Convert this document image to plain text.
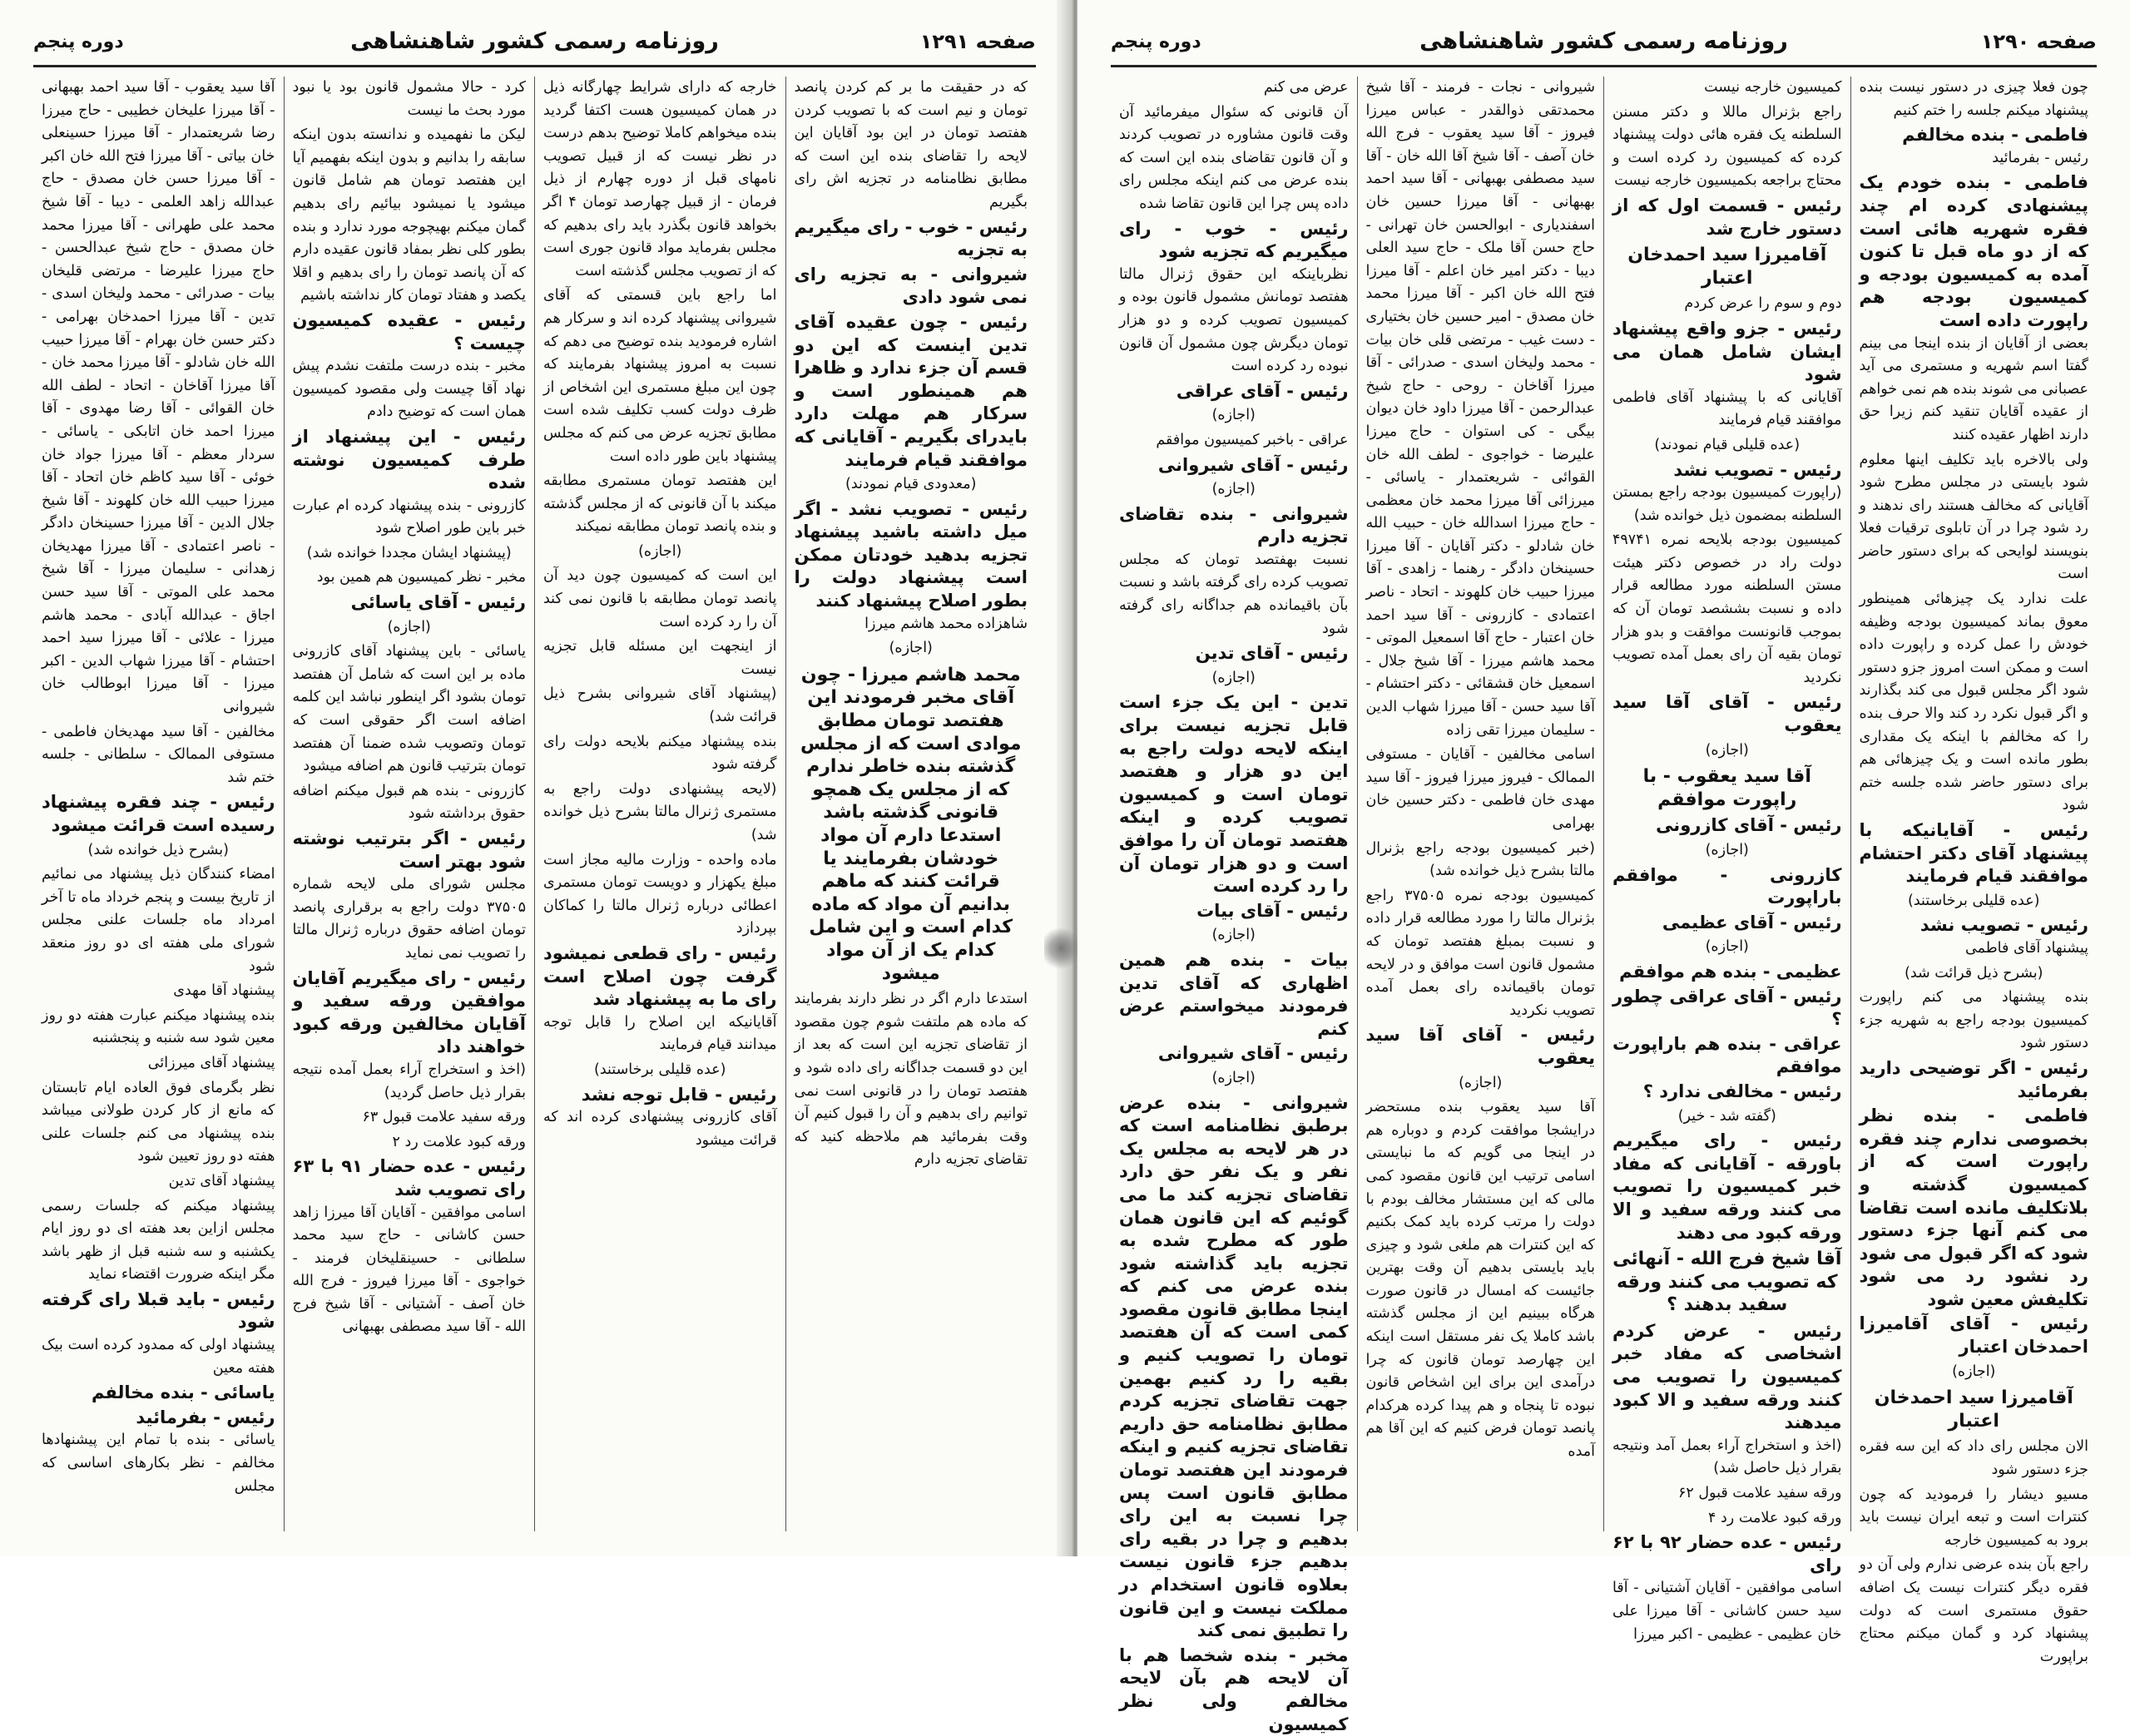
صفحه ۱۲۹۱
روزنامه رسمی کشور شاهنشاهی
دوره پنجم

که در حقیقت ما بر کم کردن پانصد تومان و نیم است که با تصویب کردن هفتصد تومان در این بود آقایان این لایحه را تقاضای بنده این است که مطابق نظامنامه در تجزیه اش رای بگیریم

رئیس - خوب - رای میگیریم به تجزیه
شیروانی - به تجزیه رای نمی شود دادی
رئیس - چون عقیده آقای تدین اینست که این دو قسم آن جزء ندارد و ظاهرا هم همینطور است و سرکار هم مهلت دارد بایدرای بگیریم - آقایانی که موافقند قیام فرمایند
(معدودی قیام نمودند)
رئیس - تصویب نشد - اگر میل داشته باشید پیشنهاد تجزیه بدهید خودتان ممکن است پیشنهاد دولت را بطور اصلاح پیشنهاد کنند

شاهزاده محمد هاشم میرزا

(اجازه)
محمد هاشم میرزا - چون آقای مخبر فرمودند این هفتصد تومان مطابق موادی است که از مجلس گذشته بنده خاطر ندارم که از مجلس یک همچو قانونی گذشته باشد استدعا دارم آن مواد خودشان بفرمایند یا قرائت کنند که ماهم بدانیم آن مواد که ماده کدام است و این شامل کدام یک از آن مواد میشود

استدعا دارم اگر در نظر دارند بفرمایند که ماده هم ملتفت شوم چون مقصود از تقاضای تجزیه این است که بعد از این دو قسمت جداگانه رای داده شود و هفتصد تومان را در قانونی است نمی توانیم رای بدهیم و آن را قبول کنیم آن وقت بفرمائید هم ملاحظه کنید که تقاضای تجزیه دارم

خارجه که دارای شرایط چهارگانه ذیل در همان کمیسیون هست اکتفا گردید بنده میخواهم کاملا توضیح بدهم درست در نظر نیست که از قبیل تصویب نامهای قبل از دوره چهارم از ذیل فرمان - از قبیل چهارصد تومان ۴ اگر بخواهد قانون بگذرد باید رای بدهیم که مجلس بفرماید مواد قانون جوری است که از تصویب مجلس گذشته است

اما راجع باین قسمتی که آقای شیروانی پیشنهاد کرده اند و سرکار هم اشاره فرمودید بنده توضیح می دهم که نسبت به امروز پیشنهاد بفرمایند که چون این مبلغ مستمری این اشخاص از ظرف دولت کسب تکلیف شده است مطابق تجزیه عرض می کنم که مجلس پیشنهاد باین طور داده است

این هفتصد تومان مستمری مطابقه میکند با آن قانونی که از مجلس گذشته و بنده پانصد تومان مطابقه نمیکند

(اجازه)

این است که کمیسیون چون دید آن پانصد تومان مطابقه با قانون نمی کند آن را رد کرده است

از اینجهت این مسئله قابل تجزیه نیست

(پیشنهاد آقای شیروانی بشرح ذیل قرائت شد)

بنده پیشنهاد میکنم بلایحه دولت رای گرفته شود

(لایحه پیشنهادی دولت راجع به مستمری ژنرال مالتا بشرح ذیل خوانده شد)

ماده واحده - وزارت مالیه مجاز است مبلغ یکهزار و دویست تومان مستمری اعطائی درباره ژنرال مالتا را کماکان بپردازد

رئیس - رای قطعی نمیشود گرفت چون اصلاح است رای ما به پیشنهاد شد

آقایانیکه این اصلاح را قابل توجه میدانند قیام فرمایند

(عده قلیلی برخاستند)
رئیس - قابل توجه نشد

آقای کازرونی پیشنهادی کرده اند که قرائت میشود

کرد - حالا مشمول قانون بود یا نبود مورد بحث ما نیست

لیکن ما نفهمیده و ندانسته بدون اینکه سابقه را بدانیم و بدون اینکه بفهمیم آیا این هفتصد تومان هم شامل قانون میشود یا نمیشود بیائیم رای بدهیم گمان میکنم بهیچوجه مورد ندارد و بنده بطور کلی نظر بمفاد قانون عقیده دارم که آن پانصد تومان را رای بدهیم و اقلا یکصد و هفتاد تومان کار نداشته باشیم

رئیس - عقیده کمیسیون چیست ؟

مخبر - بنده درست ملتفت نشدم پیش نهاد آقا چیست ولی مقصود کمیسیون همان است که توضیح دادم

رئیس - این پیشنهاد از طرف کمیسیون نوشته شده

کازرونی - بنده پیشنهاد کرده ام عبارت خبر باین طور اصلاح شود

(پیشنهاد ایشان مجددا خوانده شد)

مخبر - نظر کمیسیون هم همین بود

رئیس - آقای یاسائی
(اجازه)

یاسائی - باین پیشنهاد آقای کازرونی ماده بر این است که شامل آن هفتصد تومان بشود اگر اینطور نباشد این کلمه اضافه است اگر حقوقی است که تومان وتصویب شده ضمنا آن هفتصد تومان بترتیب قانون هم اضافه میشود

کازرونی - بنده هم قبول میکنم اضافه حقوق برداشته شود

رئیس - اگر بترتیب نوشته شود بهتر است

مجلس شورای ملی لایحه شماره ۳۷۵۰۵ دولت راجع به برقراری پانصد تومان اضافه حقوق درباره ژنرال مالتا را تصویب نمی نماید

رئیس - رای میگیریم آقایان موافقین ورقه سفید و آقایان مخالفین ورقه کبود خواهند داد

(اخذ و استخراج آراء بعمل آمده نتیجه بقرار ذیل حاصل گردید)

ورقه سفید علامت قبول ۶۳

ورقه کبود علامت رد ۲

رئیس - عده حضار ۹۱ با ۶۳ رای تصویب شد

اسامی موافقین - آقایان آقا میرزا زاهد حسن کاشانی - حاج سید محمد سلطانی - حسینقلیخان فرمند - خواجوی - آقا میرزا فیروز - فرج الله خان آصف - آشتیانی - آقا شیخ فرج الله - آقا سید مصطفی بهبهانی

آقا سید یعقوب - آقا سید احمد بهبهانی - آقا میرزا علیخان خطیبی - حاج میرزا رضا شریعتمدار - آقا میرزا حسینعلی خان بیاتی - آقا میرزا فتح الله خان اکبر - آقا میرزا حسن خان مصدق - حاج عبدالله زاهد العلمی - دیبا - آقا شیخ محمد علی طهرانی - آقا میرزا محمد خان مصدق - حاج شیخ عبدالحسن - حاج میرزا علیرضا - مرتضی قلیخان بیات - صدرائی - محمد ولیخان اسدی - تدین - آقا میرزا احمدخان بهرامی - دکتر حسن خان بهرام - آقا میرزا حبیب الله خان شادلو - آقا میرزا محمد خان - آقا میرزا آقاخان - اتحاد - لطف الله خان القوائی - آقا رضا مهدوی - آقا میرزا احمد خان اتابکی - یاسائی - سردار معظم - آقا میرزا جواد خان خوئی - آقا سید کاظم خان اتحاد - آقا میرزا حبیب الله خان کلهوند - آقا شیخ جلال الدین - آقا میرزا حسینخان دادگر - ناصر اعتمادی - آقا میرزا مهدیخان زهدانی - سلیمان میرزا - آقا شیخ محمد علی الموتی - آقا سید حسن اجاق - عبدالله آبادی - محمد هاشم میرزا - علائی - آقا میرزا سید احمد احتشام - آقا میرزا شهاب الدین - اکبر میرزا - آقا میرزا ابوطالب خان شیروانی

مخالفین - آقا سید مهدیخان فاطمی - مستوفی الممالک - سلطانی - جلسه ختم شد

رئیس - چند فقره پیشنهاد رسیده است قرائت میشود
(بشرح ذیل خوانده شد)

امضاء کنندگان ذیل پیشنهاد می نمائیم از تاریخ بیست و پنجم خرداد ماه تا آخر امرداد ماه جلسات علنی مجلس شورای ملی هفته ای دو روز منعقد شود

پیشنهاد آقا مهدی

بنده پیشنهاد میکنم عبارت هفته دو روز معین شود سه شنبه و پنجشنبه

پیشنهاد آقای میرزائی

نظر بگرمای فوق العاده ایام تابستان که مانع از کار کردن طولانی میباشد بنده پیشنهاد می کنم جلسات علنی هفته دو روز تعیین شود

پیشنهاد آقای تدین

پیشنهاد میکنم که جلسات رسمی مجلس ازاین بعد هفته ای دو روز ایام یکشنبه و سه شنبه قبل از ظهر باشد مگر اینکه ضرورت اقتضاء نماید

رئیس - باید قبلا رای گرفته شود

پیشنهاد اولی که ممدود کرده است بیک هفته معین

یاسائی - بنده مخالفم
رئیس - بفرمائید

یاسائی - بنده با تمام این پیشنهادها مخالفم - نظر بکارهای اساسی که مجلس

صفحه ۱۲۹۰
روزنامه رسمی کشور شاهنشاهی
دوره پنجم

چون فعلا چیزی در دستور نیست بنده پیشنهاد میکنم جلسه را ختم کنیم

فاطمی - بنده مخالفم

رئیس - بفرمائید

فاطمی - بنده خودم یک پیشنهادی کرده ام چند فقره شهریه هائی است که از دو ماه قبل تا کنون آمده به کمیسیون بودجه و کمیسیون بودجه هم راپورت داده است

بعضی از آقایان از بنده اینجا می بینم گفتا اسم شهریه و مستمری می آید عصبانی می شوند بنده هم نمی خواهم از عقیده آقایان تنقید کنم زیرا حق دارند اظهار عقیده کنند

ولی بالاخره باید تکلیف اینها معلوم شود بایستی در مجلس مطرح شود آقایانی که مخالف هستند رای ندهند و رد شود چرا در آن تابلوی ترقیات فعلا بنویسند لوایحی که برای دستور حاضر است

علت ندارد یک چیزهائی همینطور معوق بماند کمیسیون بودجه وظیفه خودش را عمل کرده و راپورت داده است و ممکن است امروز جزو دستور شود اگر مجلس قبول می کند بگذارند و اگر قبول نکرد رد کند والا حرف بنده را که مخالفم با اینکه یک مقداری بطور مانده است و یک چیزهائی هم برای دستور حاضر شده جلسه ختم شود

رئیس - آقایانیکه با پیشنهاد آقای دکتر احتشام موافقند قیام فرمایند
(عده قلیلی برخاستند)
رئیس - تصویب نشد

پیشنهاد آقای فاطمی

(بشرح ذیل قرائت شد)

بنده پیشنهاد می کنم راپورت کمیسیون بودجه راجع به شهریه جزء دستور شود

رئیس - اگر توضیحی دارید بفرمائید
فاطمی - بنده نظر بخصوصی ندارم چند فقره راپورت است که از کمیسیون گذشته و بلاتکلیف مانده است تقاضا می کنم آنها جزء دستور شود که اگر قبول می شود رد نشود رد می شود تکلیفش معین شود
رئیس - آقای آقامیرزا احمدخان اعتبار
(اجازه)
آقامیرزا سید احمدخان اعتبار

الان مجلس رای داد که این سه فقره جزء دستور شود

مسیو دیشار را فرمودید که چون کنترات است و تبعه ایران نیست باید برود به کمیسیون خارجه

راجع بآن بنده عرضی ندارم ولی آن دو فقره دیگر کنترات نیست یک اضافه حقوق مستمری است که دولت پیشنهاد کرد و گمان میکنم محتاج براپورت

کمیسیون خارجه نیست

راجع بژنرال ماللا و دکتر مسنن السلطنه یک فقره هائی دولت پیشنهاد کرده که کمیسیون رد کرده است و محتاج براجعه بکمیسیون خارجه نیست

رئیس - قسمت اول که از دستور خارج شد
آقامیرزا سید احمدخان اعتبار

دوم و سوم را عرض کردم

رئیس - جزو واقع پیشنهاد ایشان شامل همان می شود

آقایانی که با پیشنهاد آقای فاطمی موافقند قیام فرمایند

(عده قلیلی قیام نمودند)
رئیس - تصویب نشد

(راپورت کمیسیون بودجه راجع بمستن السلطنه بمضمون ذیل خوانده شد)

کمیسیون بودجه بلایحه نمره ۴۹۷۴۱ دولت راد در خصوص دکتر هیئت مستن السلطنه مورد مطالعه قرار داده و نسبت بششصد تومان آن که بموجب قانونست موافقت و بدو هزار تومان بقیه آن رای بعمل آمده تصویب نکردید

رئیس - آقای آقا سید یعقوب
(اجازه)
آقا سید یعقوب - با راپورت موافقم
رئیس - آقای کازرونی
(اجازه)
کازرونی - موافقم باراپورت
رئیس - آقای عظیمی
(اجازه)
عظیمی - بنده هم موافقم
رئیس - آقای عراقی چطور ؟
عراقی - بنده هم باراپورت موافقم
رئیس - مخالفی ندارد ؟
(گفته شد - خیر)
رئیس - رای میگیریم باورقه - آقایانی که مفاد خبر کمیسیون را تصویب می کنند ورقه سفید و الا ورقه کبود می دهند
آقا شیخ فرج الله - آنهائی که تصویب می کنند ورقه سفید بدهند ؟
رئیس - عرض کردم اشخاصی که مفاد خبر کمیسیون را تصویب می کنند ورقه سفید و الا کبود میدهند

(اخذ و استخراج آراء بعمل آمد ونتیجه بقرار ذیل حاصل شد)

ورقه سفید علامت قبول ۶۲

ورقه کبود علامت رد ۴

رئیس - عده حضار ۹۲ با ۶۲ رای

اسامی موافقین - آقایان آشتیانی - آقا سید حسن کاشانی - آقا میرزا علی خان عظیمی - عظیمی - اکبر میرزا

شیروانی - نجات - فرمند - آقا شیخ محمدتقی ذوالقدر - عباس میرزا فیروز - آقا سید یعقوب - فرج الله خان آصف - آقا شیخ آقا الله خان - آقا سید مصطفی بهبهانی - آقا سید احمد بهبهانی - آقا میرزا حسین خان اسفندیاری - ابوالحسن خان تهرانی - حاج حسن آقا ملک - حاج سید العلی دیبا - دکتر امیر خان اعلم - آقا میرزا فتح الله خان اکبر - آقا میرزا محمد خان مصدق - امیر حسین خان بختیاری - دست غیب - مرتضی قلی خان بیات - محمد ولیخان اسدی - صدرائی - آقا میرزا آقاخان - روحی - حاج شیخ عبدالرحمن - آقا میرزا داود خان دیوان بیگی - کی استوان - حاج میرزا علیرضا - خواجوی - لطف الله خان القوائی - شریعتمدار - یاسائی - میرزائی آقا میرزا محمد خان معظمی - حاج میرزا اسدالله خان - حبیب الله خان شادلو - دکتر آقایان - آقا میرزا حسینخان دادگر - رهنما - زاهدی - آقا میرزا حبیب خان کلهوند - اتحاد - ناصر اعتمادی - کازرونی - آقا سید احمد خان اعتبار - حاج آقا اسمعیل الموتی - محمد هاشم میرزا - آقا شیخ جلال - اسمعیل خان قشقائی - دکتر احتشام - آقا سید حسن - آقا میرزا شهاب الدین - سلیمان میرزا تقی زاده

اسامی مخالفین - آقایان - مستوفی الممالک - فیروز میرزا فیروز - آقا سید مهدی خان فاطمی - دکتر حسین خان بهرامی

(خبر کمیسیون بودجه راجع بژنرال مالتا بشرح ذیل خوانده شد)

کمیسیون بودجه نمره ۳۷۵۰۵ راجع بژنرال مالتا را مورد مطالعه قرار داده و نسبت بمبلغ هفتصد تومان که مشمول قانون است موافق و در لایحه تومان باقیمانده رای بعمل آمده تصویب نکردید

رئیس - آقای آقا سید یعقوب
(اجازه)

آقا سید یعقوب بنده مستحضر درایشجا موافقت کردم و دوباره هم در اینجا می گویم که ما نبایستی اسامی ترتیب این قانون مقصود کمی مالی که این مستشار مخالف بودم با دولت را مرتب کرده باید کمک بکنیم که این کنترات هم ملغی شود و چیزی باید بایستی بدهیم آن وقت بهترین جائیست که امسال در قانون صورت هرگاه ببینیم این از مجلس گذشته باشد کاملا یک نفر مستقل است اینکه این چهارصد تومان قانون که چرا درآمدی این برای این اشخاص قانون نبوده تا پنجاه و هم پیدا کرده هرکدام پانصد تومان فرض کنیم که این آقا هم آمده

عرض می کنم

آن قانونی که سئوال میفرمائید آن وقت قانون مشاوره در تصویب کردند و آن قانون تقاضای بنده این است که بنده عرض می کنم اینکه مجلس رای داده پس چرا این قانون تقاضا شده

رئیس - خوب - رای میگیریم که تجزیه شود

نظرباینکه این حقوق ژنرال مالتا هفتصد تومانش مشمول قانون بوده و کمیسیون تصویب کرده و دو هزار تومان دیگرش چون مشمول آن قانون نبوده رد کرده است

رئیس - آقای عراقی
(اجازه)

عراقی - باخبر کمیسیون موافقم

رئیس - آقای شیروانی
(اجازه)
شیروانی - بنده تقاضای تجزیه دارم

نسبت بهفتصد تومان که مجلس تصویب کرده رای گرفته باشد و نسبت بآن باقیمانده هم جداگانه رای گرفته شود

رئیس - آقای تدین
(اجازه)
تدین - این یک جزء است قابل تجزیه نیست برای اینکه لایحه دولت راجع به این دو هزار و هفتصد تومان است و کمیسیون تصویب کرده و اینکه هفتصد تومان آن را موافق است و دو هزار تومان آن را رد کرده است
رئیس - آقای بیات
(اجازه)
بیات - بنده هم همین اظهاری که آقای تدین فرمودند میخواستم عرض کنم
رئیس - آقای شیروانی
(اجازه)
شیروانی - بنده عرض برطبق نظامنامه است که در هر لایحه به مجلس یک نفر و یک نفر حق دارد تقاضای تجزیه کند ما می گوئیم که این قانون همان طور که مطرح شده به تجزیه باید گذاشته شود بنده عرض می کنم که اینجا مطابق قانون مقصود کمی است که آن هفتصد تومان را تصویب کنیم و بقیه را رد کنیم بهمین جهت تقاضای تجزیه کردم مطابق نظامنامه حق داریم تقاضای تجزیه کنیم و اینکه فرمودند این هفتصد تومان مطابق قانون است پس چرا نسبت به این رای بدهیم و چرا در بقیه رای بدهیم جزء قانون نیست بعلاوه قانون استخدام در مملکت نیست و این قانون را تطبیق نمی کند
مخبر - بنده شخصا هم با آن لایحه هم بآن لایحه مخالفم ولی نظر کمیسیون
